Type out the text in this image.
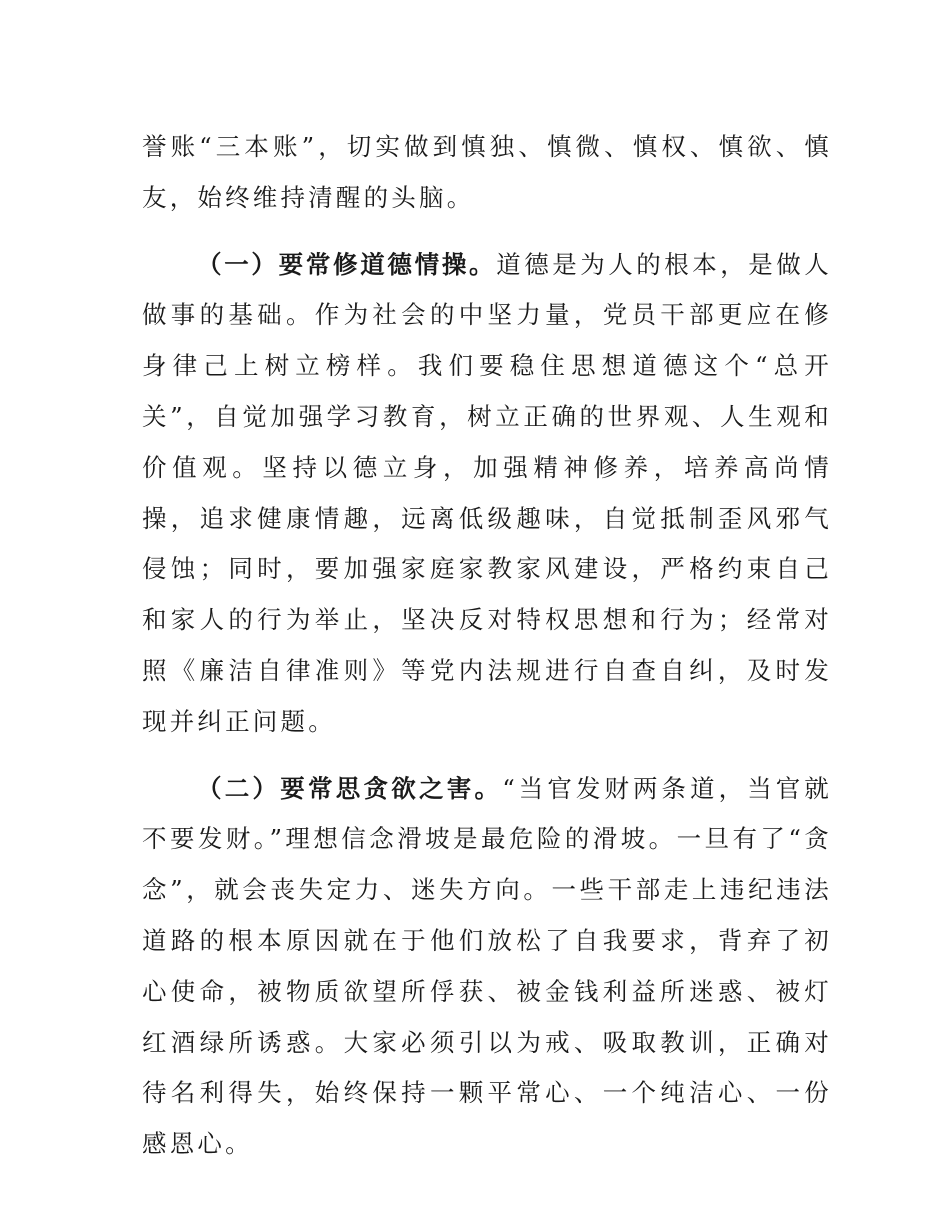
誉账“三本账”，切实做到慎独、慎微、慎权、慎欲、慎友，始终维持清醒的头脑。

（一）要常修道德情操。道德是为人的根本，是做人做事的基础。作为社会的中坚力量，党员干部更应在修身律己上树立榜样。我们要稳住思想道德这个“总开关”，自觉加强学习教育，树立正确的世界观、人生观和价值观。坚持以德立身，加强精神修养，培养高尚情操，追求健康情趣，远离低级趣味，自觉抵制歪风邪气侵蚀；同时，要加强家庭家教家风建设，严格约束自己和家人的行为举止，坚决反对特权思想和行为；经常对照《廉洁自律准则》等党内法规进行自查自纠，及时发现并纠正问题。

（二）要常思贪欲之害。“当官发财两条道，当官就不要发财。”理想信念滑坡是最危险的滑坡。一旦有了“贪念”，就会丧失定力、迷失方向。一些干部走上违纪违法道路的根本原因就在于他们放松了自我要求，背弃了初心使命，被物质欲望所俘获、被金钱利益所迷惑、被灯红酒绿所诱惑。大家必须引以为戒、吸取教训，正确对待名利得失，始终保持一颗平常心、一个纯洁心、一份感恩心。
